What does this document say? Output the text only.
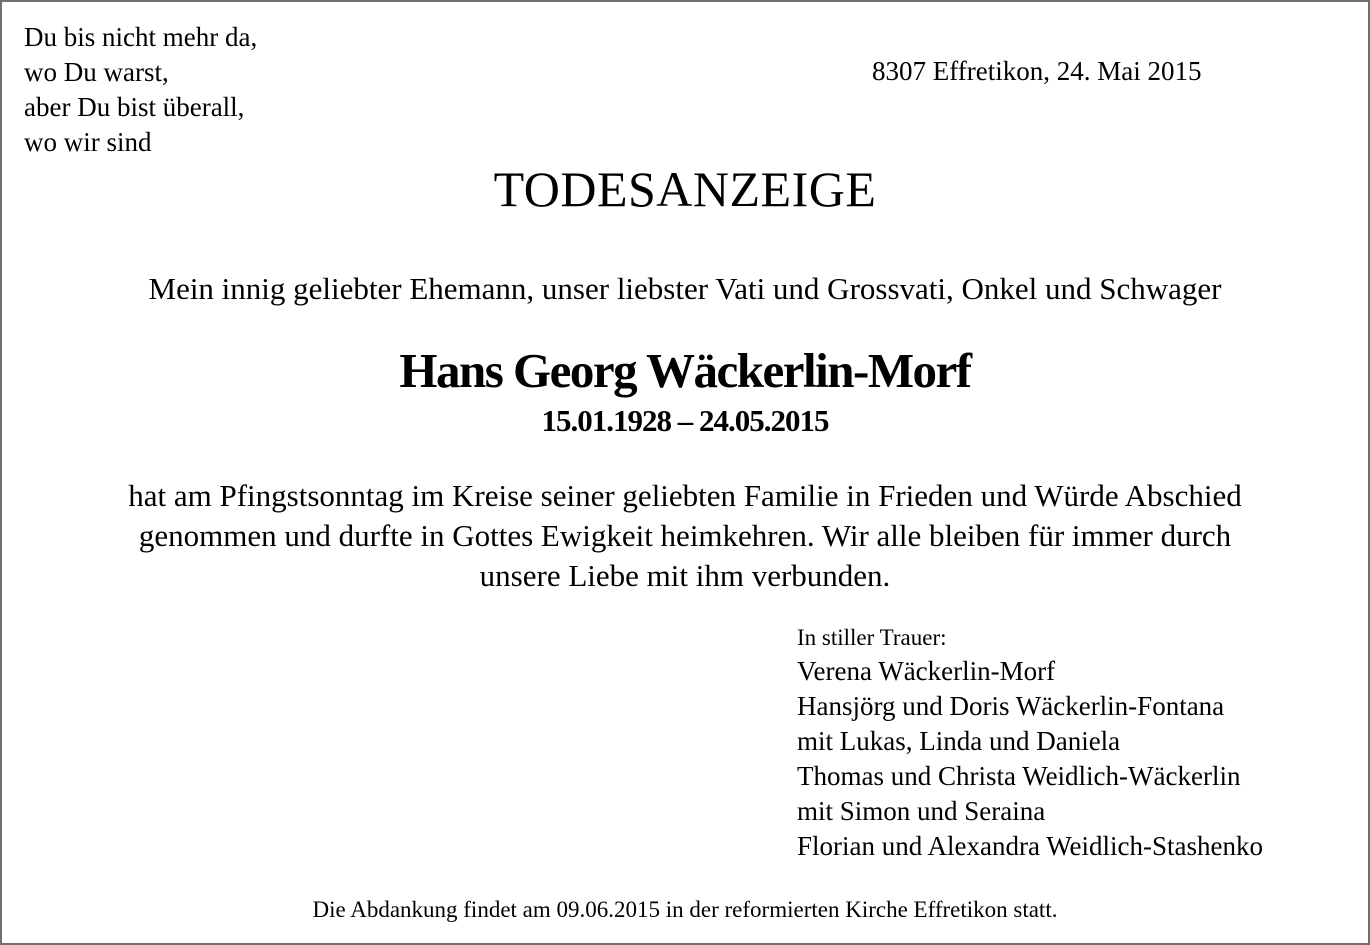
Du bis nicht mehr da,
wo Du warst,
aber Du bist überall,
wo wir sind
8307 Effretikon, 24. Mai 2015
TODESANZEIGE
Mein innig geliebter Ehemann, unser liebster Vati und Grossvati, Onkel und Schwager
Hans Georg Wäckerlin-Morf
15.01.1928 – 24.05.2015
hat am Pfingstsonntag im Kreise seiner geliebten Familie in Frieden und Würde Abschied
genommen und durfte in Gottes Ewigkeit heimkehren. Wir alle bleiben für immer durch
unsere Liebe mit ihm verbunden.
In stiller Trauer:
Verena Wäckerlin-Morf
Hansjörg und Doris Wäckerlin-Fontana
mit Lukas, Linda und Daniela
Thomas und Christa Weidlich-Wäckerlin
mit Simon und Seraina
Florian und Alexandra Weidlich-Stashenko
Die Abdankung findet am 09.06.2015 in der reformierten Kirche Effretikon statt.
